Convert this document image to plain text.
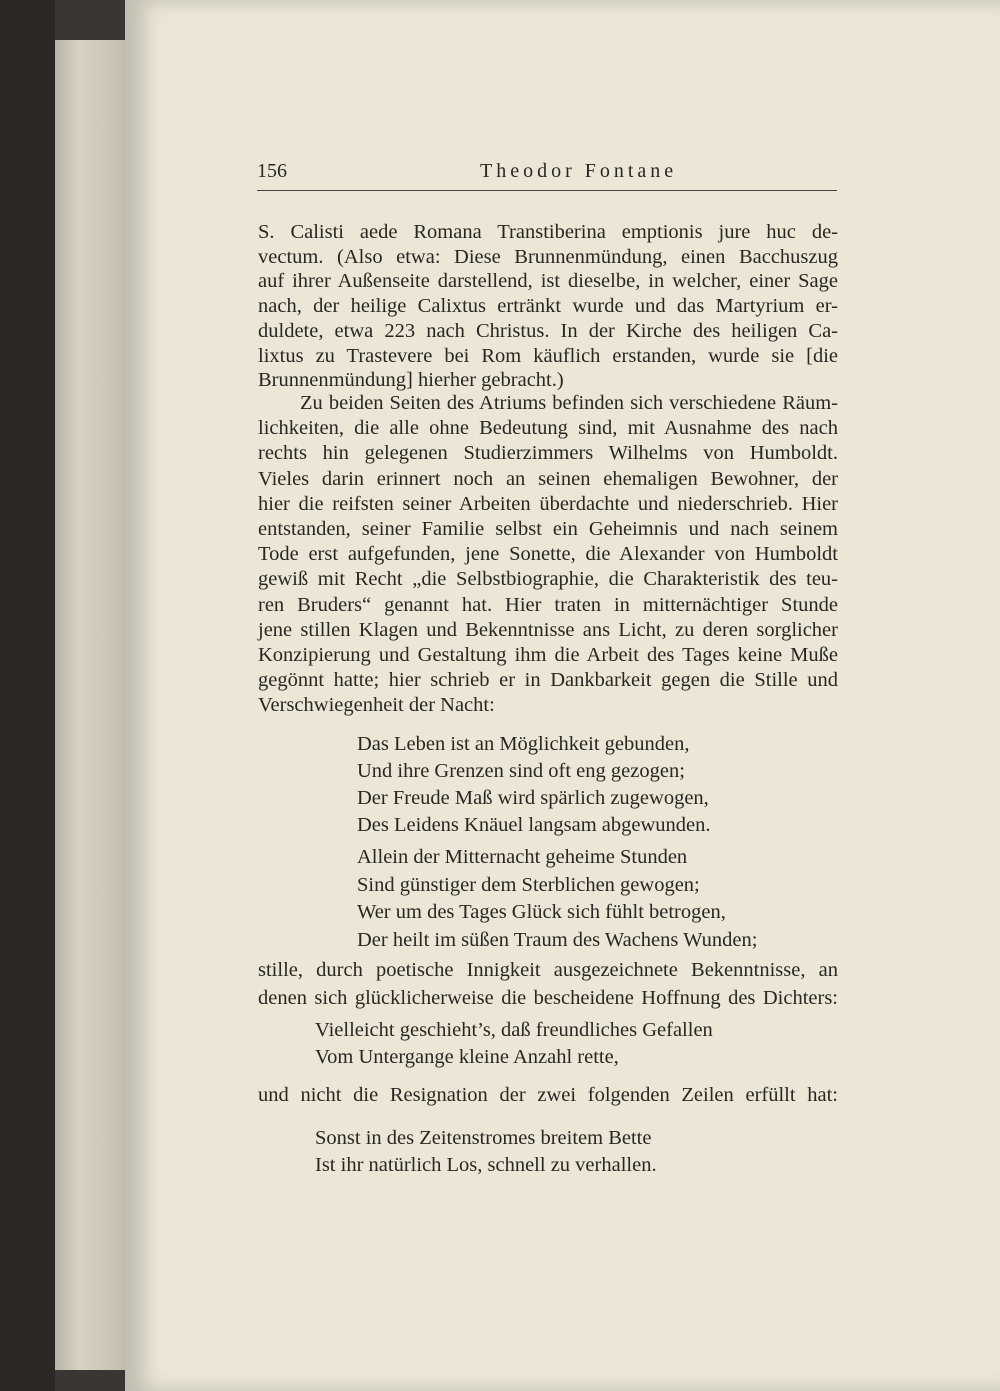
156	Theodor Fontane
S. Calisti aede Romana Transtiberina emptionis jure huc de-
vectum. (Also etwa: Diese Brunnenmündung, einen Bacchuszug
auf ihrer Außenseite darstellend, ist dieselbe, in welcher, einer Sage
nach, der heilige Calixtus ertränkt wurde und das Martyrium er-
duldete, etwa 223 nach Christus. In der Kirche des heiligen Ca-
lixtus zu Trastevere bei Rom käuflich erstanden, wurde sie [die
Brunnenmündung] hierher gebracht.)
Zu beiden Seiten des Atriums befinden sich verschiedene Räum-
lichkeiten, die alle ohne Bedeutung sind, mit Ausnahme des nach
rechts hin gelegenen Studierzimmers Wilhelms von Humboldt.
Vieles darin erinnert noch an seinen ehemaligen Bewohner, der
hier die reifsten seiner Arbeiten überdachte und niederschrieb. Hier
entstanden, seiner Familie selbst ein Geheimnis und nach seinem
Tode erst aufgefunden, jene Sonette, die Alexander von Humboldt
gewiß mit Recht „die Selbstbiographie, die Charakteristik des teu-
ren Bruders“ genannt hat. Hier traten in mitternächtiger Stunde
jene stillen Klagen und Bekenntnisse ans Licht, zu deren sorglicher
Konzipierung und Gestaltung ihm die Arbeit des Tages keine Muße
gegönnt hatte; hier schrieb er in Dankbarkeit gegen die Stille und
Verschwiegenheit der Nacht:
Das Leben ist an Möglichkeit gebunden,
Und ihre Grenzen sind oft eng gezogen;
Der Freude Maß wird spärlich zugewogen,
Des Leidens Knäuel langsam abgewunden.
Allein der Mitternacht geheime Stunden
Sind günstiger dem Sterblichen gewogen;
Wer um des Tages Glück sich fühlt betrogen,
Der heilt im süßen Traum des Wachens Wunden;
stille, durch poetische Innigkeit ausgezeichnete Bekenntnisse, an
denen sich glücklicherweise die bescheidene Hoffnung des Dichters:
Vielleicht geschieht’s, daß freundliches Gefallen
Vom Untergange kleine Anzahl rette,
und nicht die Resignation der zwei folgenden Zeilen erfüllt hat:
Sonst in des Zeitenstromes breitem Bette
Ist ihr natürlich Los, schnell zu verhallen.
